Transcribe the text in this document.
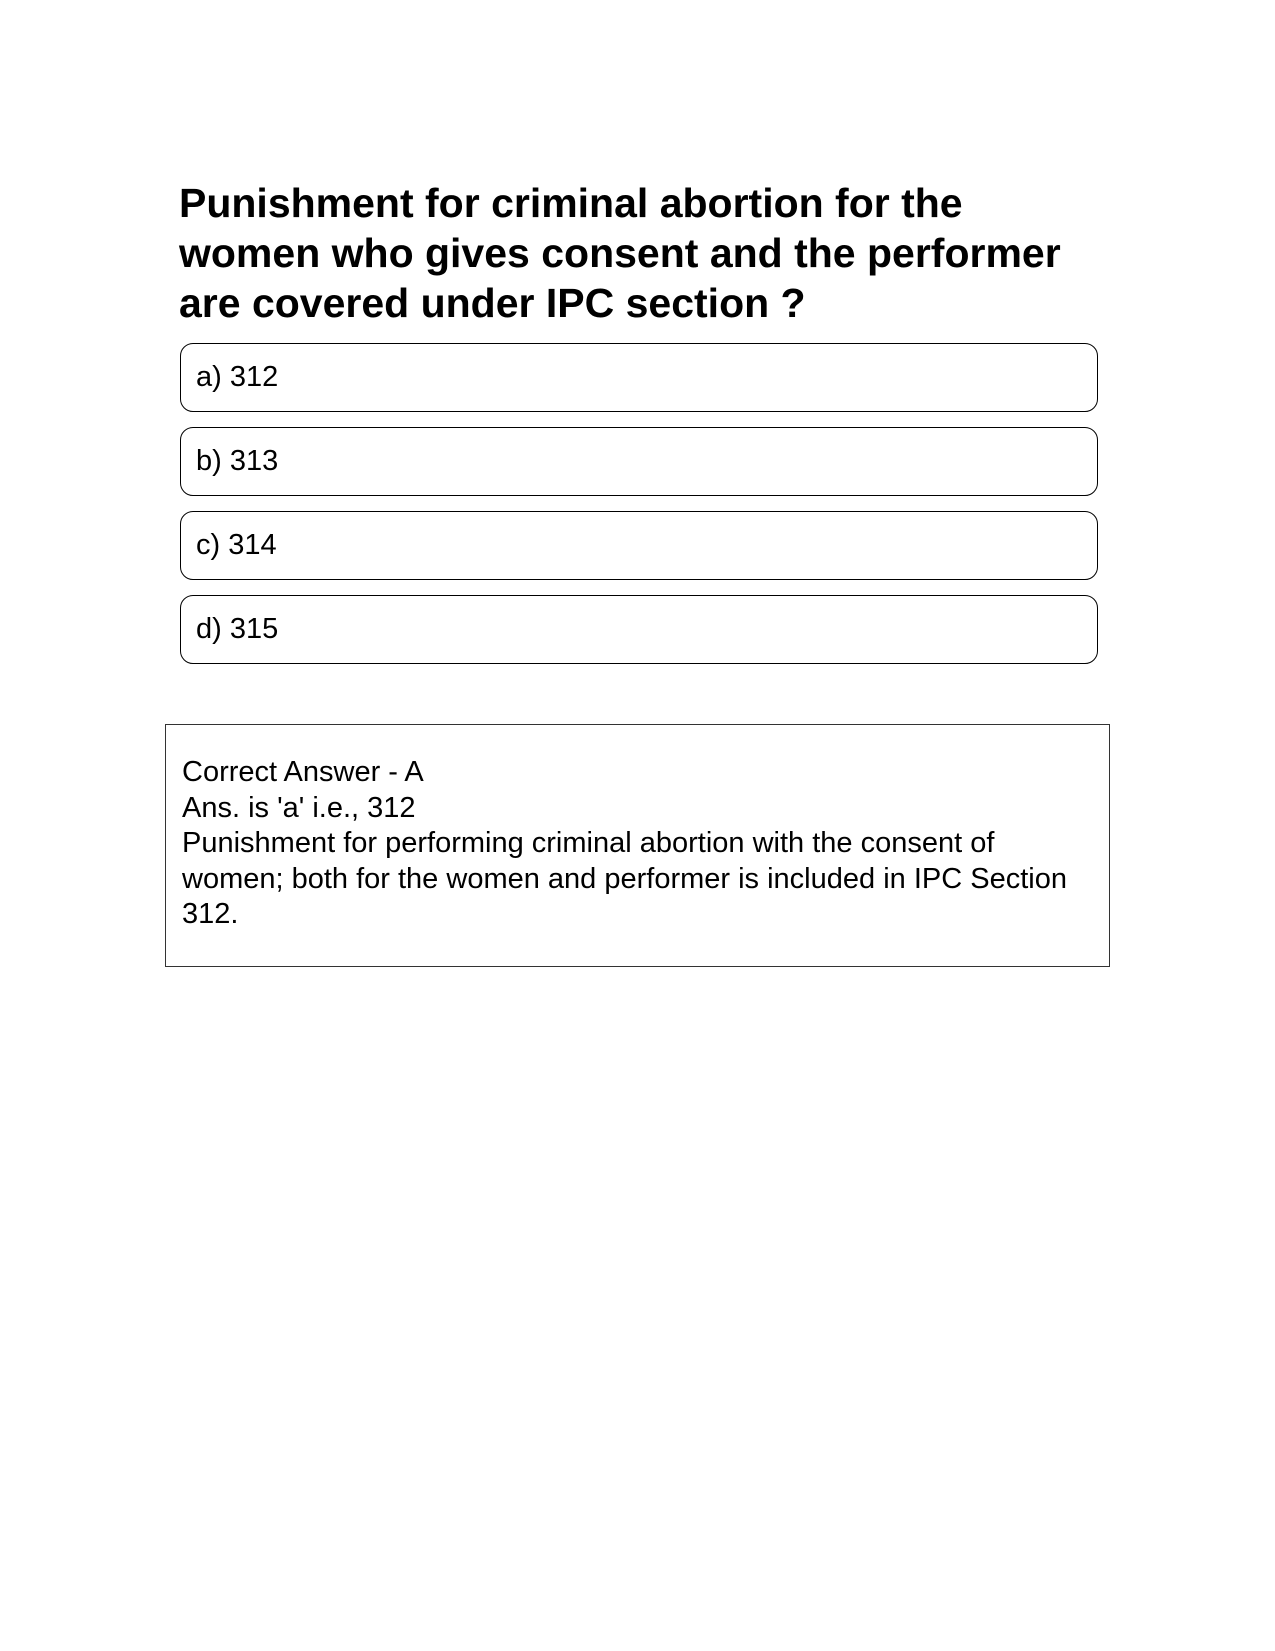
Punishment for criminal abortion for the women who gives consent and the performer are covered under IPC section ?
a) 312
b) 313
c) 314
d) 315
Correct Answer - A
Ans. is 'a' i.e., 312
Punishment for performing criminal abortion with the consent of women; both for the women and performer is included in IPC Section 312.
